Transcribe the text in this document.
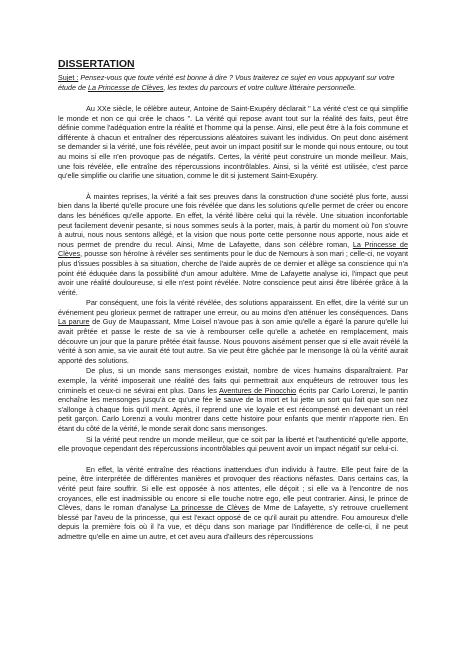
DISSERTATION
Sujet : Pensez-vous que toute vérité est bonne à dire ? Vous traiterez ce sujet en vous appuyant sur votre étude de La Princesse de Clèves, les textes du parcours et votre culture littéraire personnelle.

Au XXe siècle, le célèbre auteur, Antoine de Saint-Exupéry déclarait " La vérité c'est ce qui simplifie le monde et non ce qui crée le chaos ". La vérité qui repose avant tout sur la réalité des faits, peut être définie comme l'adéquation entre la réalité et l'homme qui la pense. Ainsi, elle peut être à la fois commune et différente à chacun et entraîner des répercussions aléatoires suivant les individus. On peut donc aisément se demander si la vérité, une fois révélée, peut avoir un impact positif sur le monde qui nous entoure, ou tout au moins si elle n'en provoque pas de négatifs. Certes, la vérité peut construire un monde meilleur. Mais, une fois révélée, elle entraîne des répercussions incontrôlables. Ainsi, si la vérité est utilisée, c'est parce qu'elle simplifie ou clarifie une situation, comme le dit si justement Saint-Exupéry.

À maintes reprises, la vérité a fait ses preuves dans la construction d'une société plus forte, aussi bien dans la liberté qu'elle procure une fois révélée que dans les solutions qu'elle permet de créer ou encore dans les bénéfices qu'elle apporte. En effet, la vérité libère celui qui la révèle. Une situation inconfortable peut facilement devenir pesante, si nous sommes seuls à la porter, mais, à partir du moment où l'on s'ouvre à autrui, nous nous sentons allégé, et la vision que nous porte cette personne nous apporte, nous aide et nous permet de prendre du recul. Ainsi, Mme de Lafayette, dans son célèbre roman, La Princesse de Clèves, pousse son héroïne à révéler ses sentiments pour le duc de Nemours à son mari ; celle-ci, ne voyant plus d'issues possibles à sa situation, cherche de l'aide auprès de ce dernier et allège sa conscience qui n'a point été éduquée dans la possibilité d'un amour adultère. Mme de Lafayette analyse ici, l'impact que peut avoir une réalité douloureuse, si elle n'est point révélée. Notre conscience peut ainsi être libérée grâce à la vérité.

Par conséquent, une fois la vérité révélée, des solutions apparaissent. En effet, dire la vérité sur un événement peu glorieux permet de rattraper une erreur, ou au moins d'en atténuer les conséquences. Dans La parure de Guy de Maupassant, Mme Loisel n'avoue pas à son amie qu'elle a égaré la parure qu'elle lui avait prêtée et passe le reste de sa vie à rembourser celle qu'elle a achetée en remplacement, mais découvre un jour que la parure prêtée était fausse. Nous pouvons aisément penser que si elle avait révélé la vérité à son amie, sa vie aurait été tout autre. Sa vie peut être gâchée par le mensonge là où la vérité aurait apporté des solutions.

De plus, si un monde sans mensonges existait, nombre de vices humains disparaîtraient. Par exemple, la vérité imposerait une réalité des faits qui permettrait aux enquêteurs de retrouver tous les criminels et ceux-ci ne sévirai ent plus. Dans les Aventures de Pinocchio écrits par Carlo Lorenzi, le pantin enchaîne les mensonges jusqu'à ce qu'une fée le sauve de la mort et lui jette un sort qui fait que son nez s'allonge à chaque fois qu'il ment. Après, il reprend une vie loyale et est récompensé en devenant un réel petit garçon. Carlo Lorenzi a voulu montrer dans cette histoire pour enfants que mentir n'apporte rien. En étant du côté de la vérité, le monde serait donc sans mensonges.

Si la vérité peut rendre un monde meilleur, que ce soit par la liberté et l'authenticité qu'elle apporte, elle provoque cependant des répercussions incontrôlables qui peuvent avoir un impact négatif sur celui-ci.

En effet, la vérité entraîne des réactions inattendues d'un individu à l'autre. Elle peut faire de la peine, être interprétée de différentes manières et provoquer des réactions néfastes. Dans certains cas, la vérité peut faire souffrir. Si elle est opposée à nos attentes, elle déçoit ; si elle va à l'encontre de nos croyances, elle est inadmissible ou encore si elle touche notre ego, elle peut contrarier. Ainsi, le prince de Clèves, dans le roman d'analyse La princesse de Clèves de Mme de Lafayette, s'y retrouve cruellement blessé par l'aveu de la princesse, qui est l'exact opposé de ce qu'il aurait pu attendre. Fou amoureux d'elle depuis la première fois où il l'a vue, et déçu dans son mariage par l'indifférence de celle-ci, il ne peut admettre qu'elle en aime un autre, et cet aveu aura d'ailleurs des répercussions
